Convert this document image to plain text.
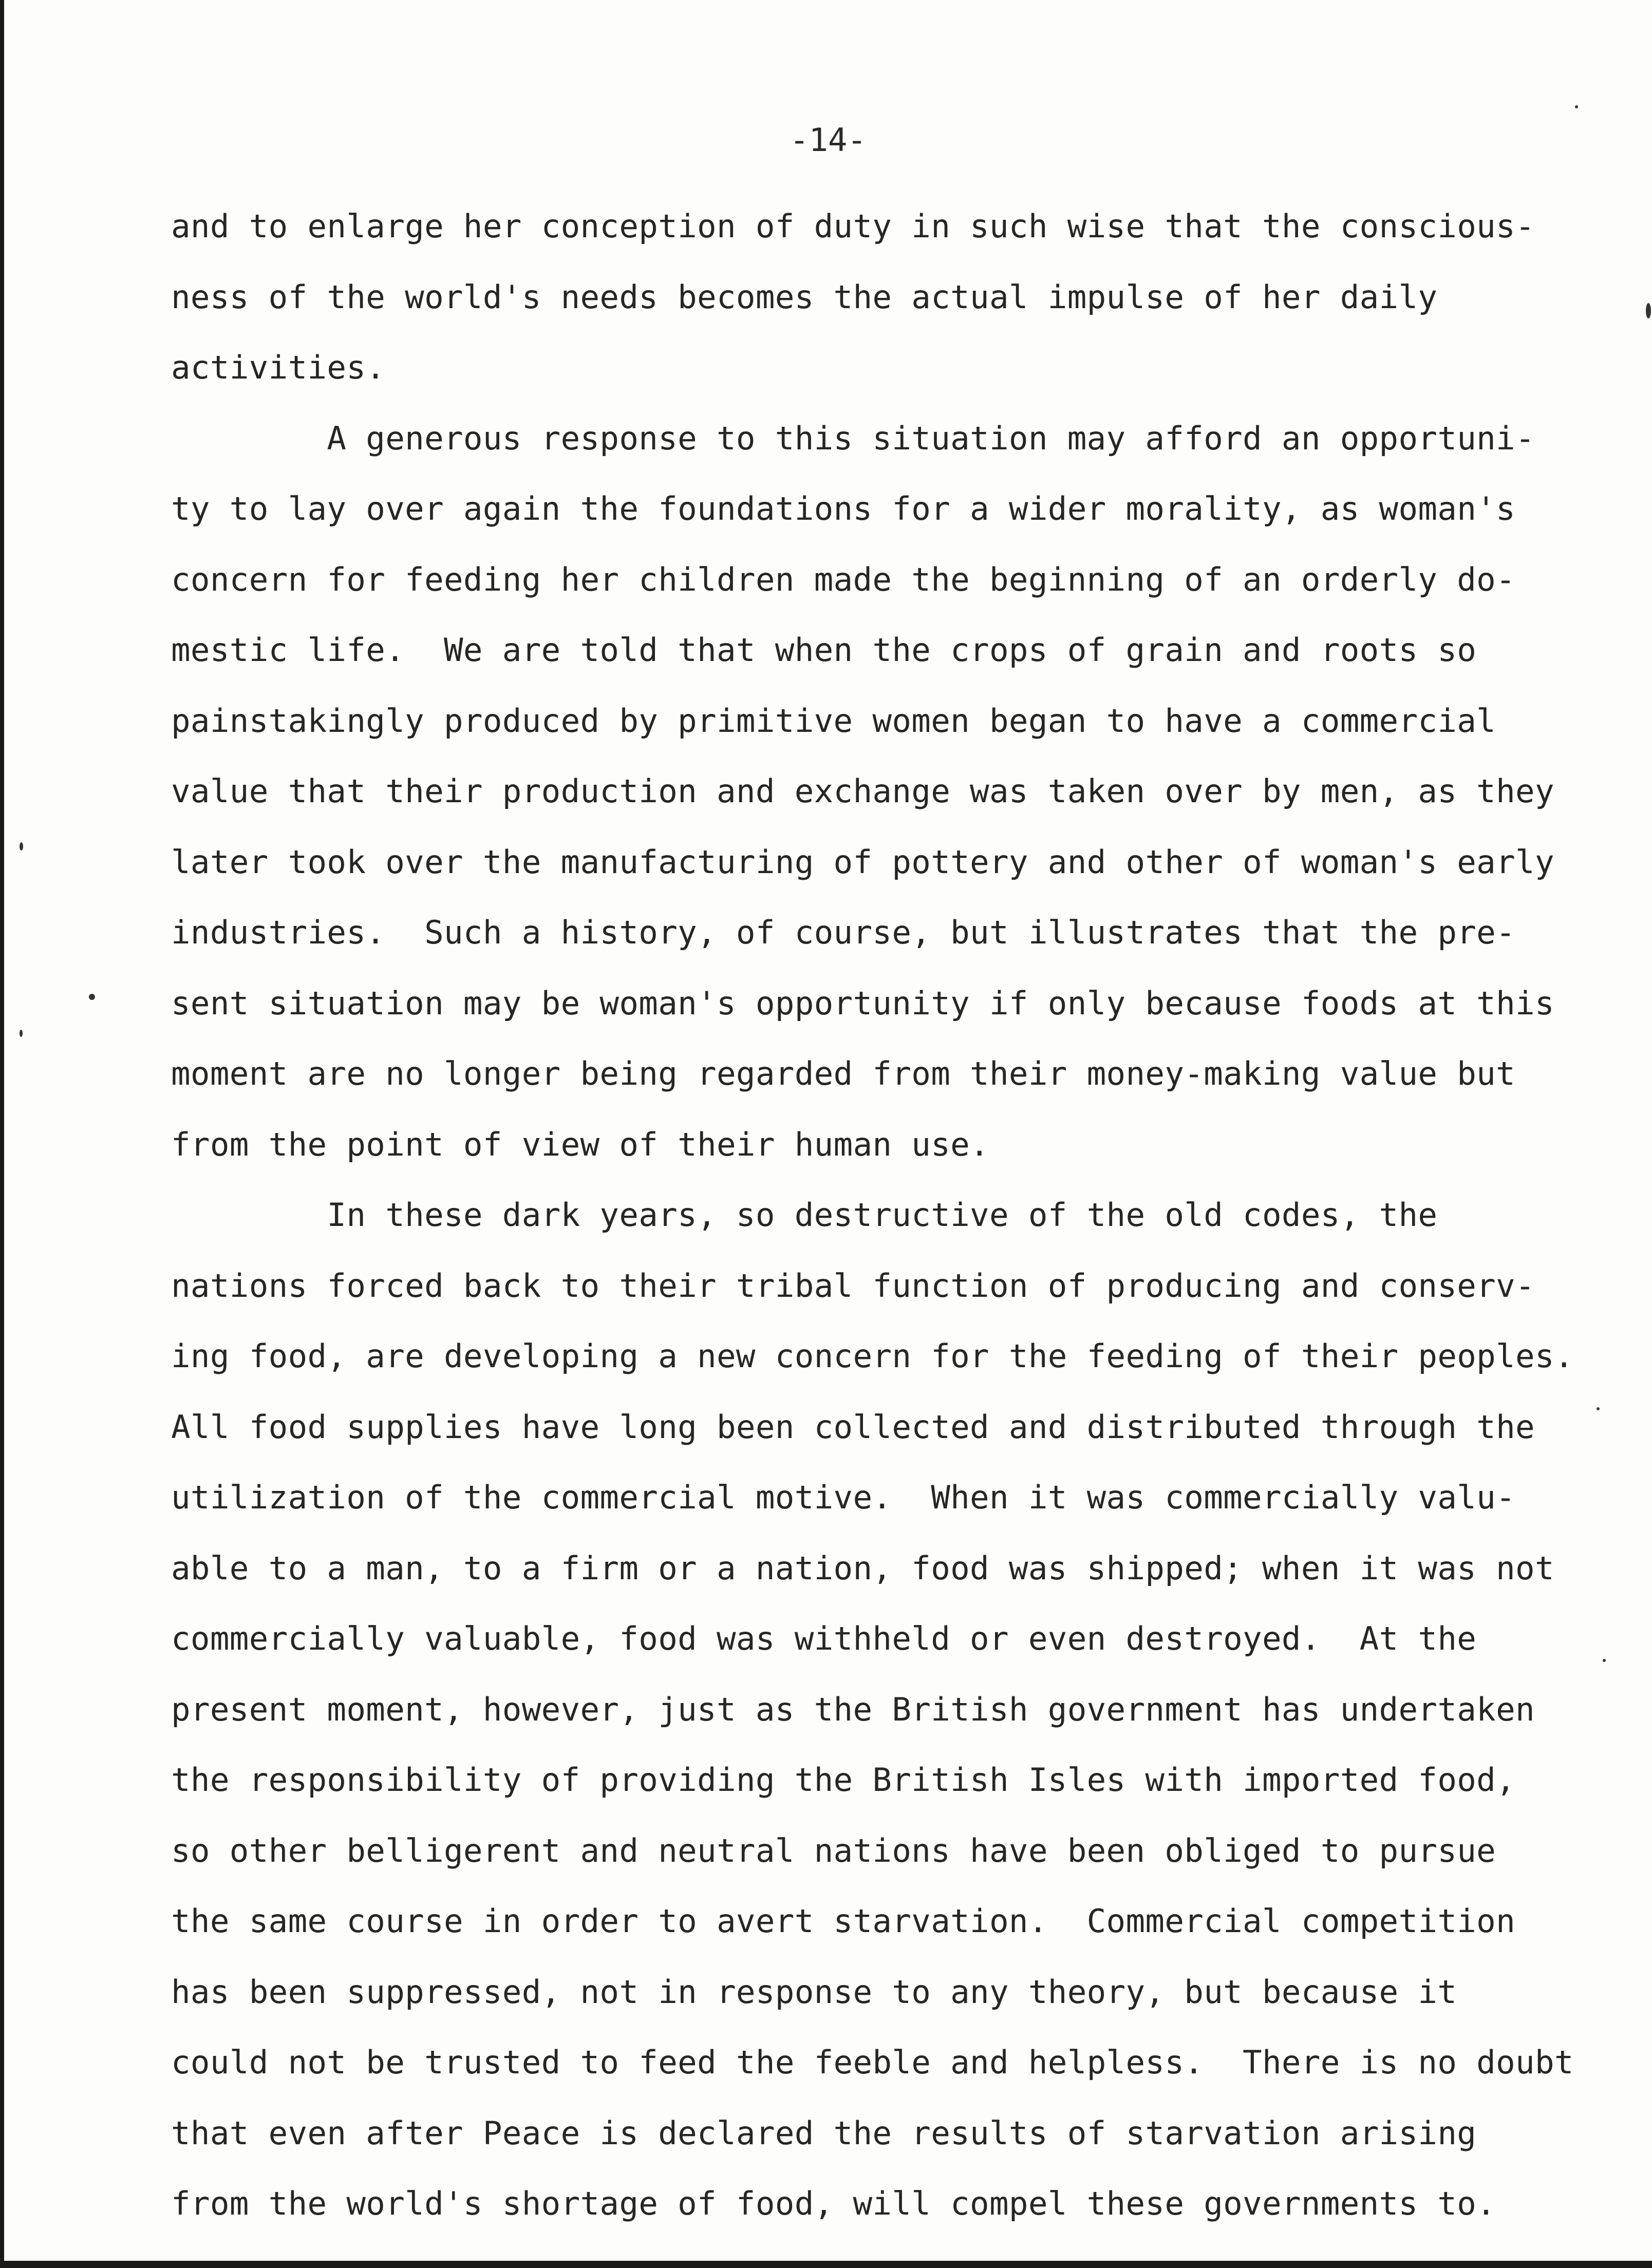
-14-
and to enlarge her conception of duty in such wise that the conscious-
ness of the world's needs becomes the actual impulse of her daily
activities.
A generous response to this situation may afford an opportuni-
ty to lay over again the foundations for a wider morality, as woman's
concern for feeding her children made the beginning of an orderly do-
mestic life.  We are told that when the crops of grain and roots so
painstakingly produced by primitive women began to have a commercial
value that their production and exchange was taken over by men, as they
later took over the manufacturing of pottery and other of woman's early
industries.  Such a history, of course, but illustrates that the pre-
sent situation may be woman's opportunity if only because foods at this
moment are no longer being regarded from their money-making value but
from the point of view of their human use.
In these dark years, so destructive of the old codes, the
nations forced back to their tribal function of producing and conserv-
ing food, are developing a new concern for the feeding of their peoples.
All food supplies have long been collected and distributed through the
utilization of the commercial motive.  When it was commercially valu-
able to a man, to a firm or a nation, food was shipped; when it was not
commercially valuable, food was withheld or even destroyed.  At the
present moment, however, just as the British government has undertaken
the responsibility of providing the British Isles with imported food,
so other belligerent and neutral nations have been obliged to pursue
the same course in order to avert starvation.  Commercial competition
has been suppressed, not in response to any theory, but because it
could not be trusted to feed the feeble and helpless.  There is no doubt
that even after Peace is declared the results of starvation arising
from the world's shortage of food, will compel these governments to.
